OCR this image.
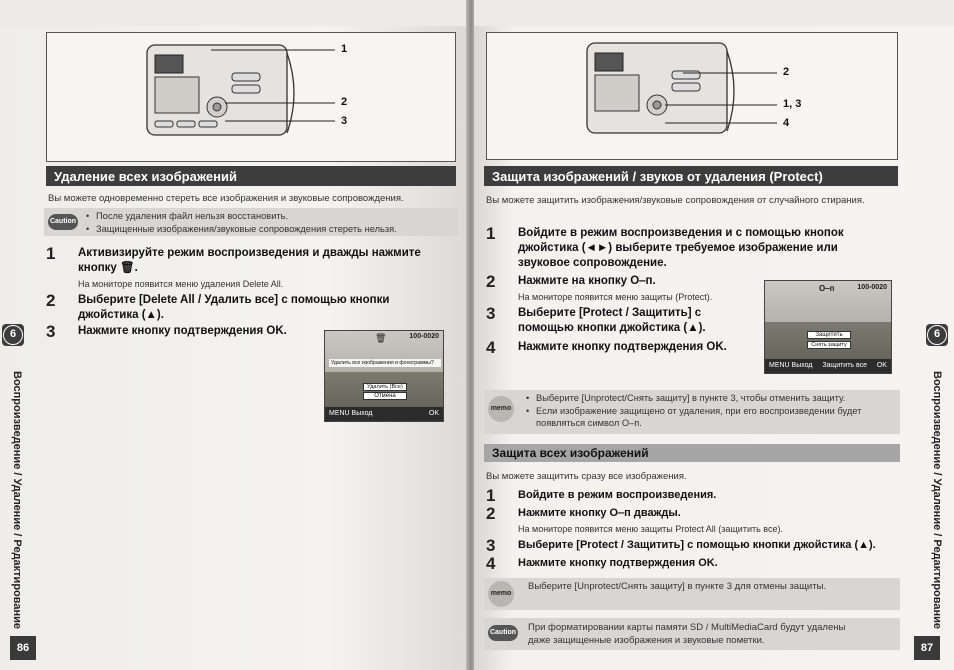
1
2
3
Удаление всех изображений
Вы можете одновременно стереть все изображения и звуковые сопровождения.
Caution
• После удаления файл нельзя восстановить.
• Защищенные изображения/звуковые сопровождения стереть нельзя.
1 Активизируйте режим воспроизведения и дважды нажмите
кнопку 🗑.
На мониторе появится меню удаления Delete All.
2 Выберите [Delete All / Удалить все] с помощью кнопки
джойстика (▲).
3 Нажмите кнопку подтверждения OK.	100-0020
🗑
Удалить все изображения и фонограммы?
Удалить (Все)
Отмена
MENU Выход	OK
6
Воспроизведение / Удаление / Редактирование
86
2
1, 3
4
Защита изображений / звуков от удаления (Protect)
Вы можете защитить изображения/звуковые сопровождения от случайного стирания.
1 Войдите в режим воспроизведения и с помощью кнопок
джойстика (◄►) выберите требуемое изображение или
звуковое сопровождение.
2 Нажмите на кнопку О‒п.
На мониторе появится меню защиты (Protect).
3 Выберите [Protect / Защитить] с
помощью кнопки джойстика (▲).
4 Нажмите кнопку подтверждения OK.
О‒п	100-0020
Защитить
Снять защиту
MENU Выход Защитить все OK
memo
• Выберите [Unprotect/Снять защиту] в пункте 3, чтобы отменить защиту.
• Если изображение защищено от удаления, при его воспроизведении будет появляться символ О‒п.
Защита всех изображений
Вы можете защитить сразу все изображения.
1 Войдите в режим воспроизведения.
2 Нажмите кнопку О‒п дважды.
На мониторе появится меню защиты Protect All (защитить все).
3 Выберите [Protect / Защитить] с помощью кнопки джойстика (▲).
4 Нажмите кнопку подтверждения OK.
memo
Выберите [Unprotect/Снять защиту] в пункте 3 для отмены защиты.
Caution При форматировании карты памяти SD / MultiMediaCard будут удалены
даже защищенные изображения и звуковые пометки.
6
Воспроизведение / Удаление / Редактирование
87
